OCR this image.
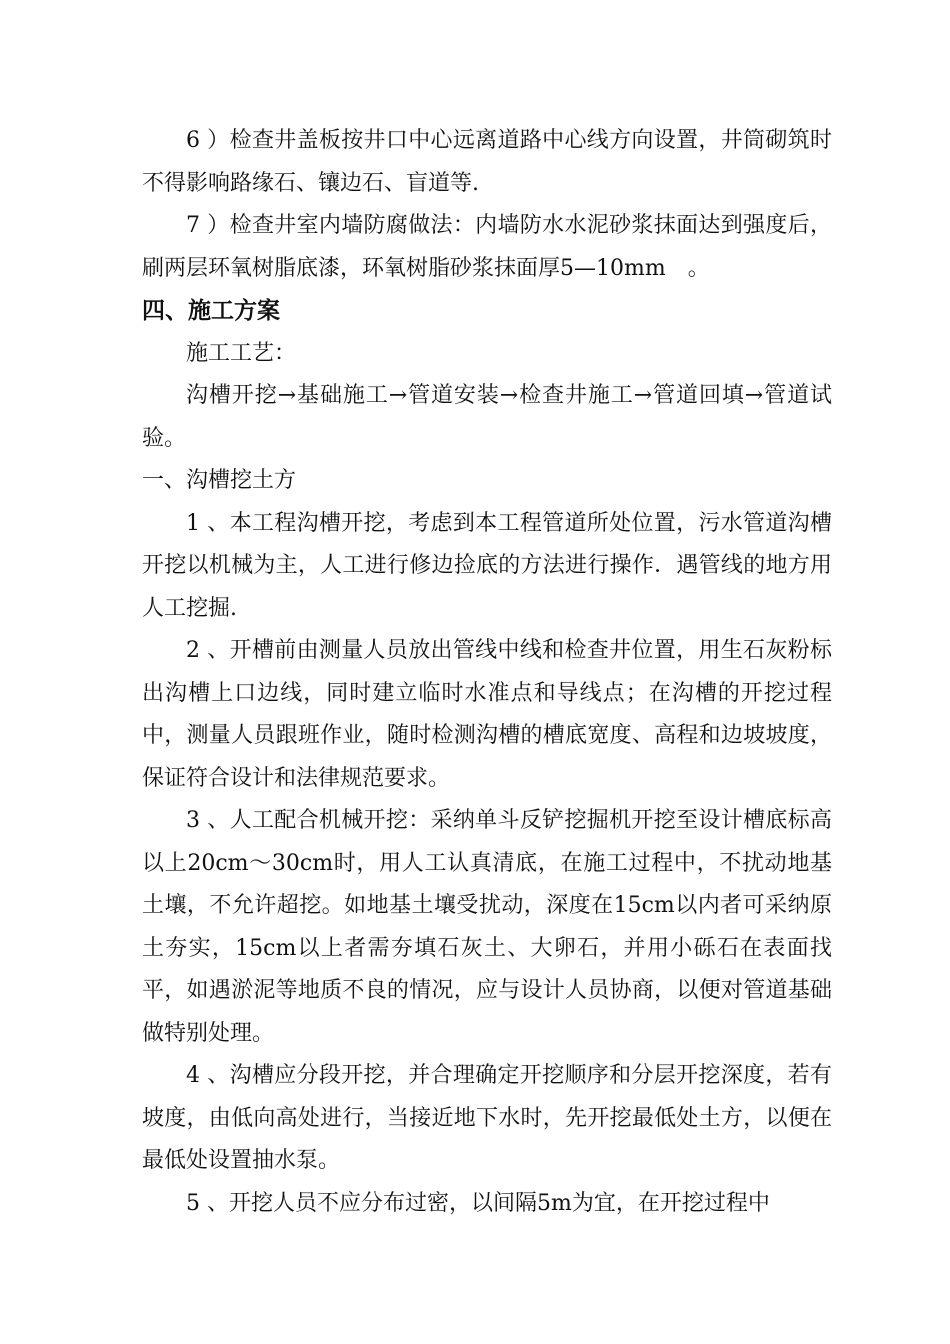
6 ）检查井盖板按井口中心远离道路中心线方向设置，井筒砌筑时不得影响路缘石、镶边石、盲道等.

7 ）检查井室内墙防腐做法：内墙防水水泥砂浆抹面达到强度后，刷两层环氧树脂底漆，环氧树脂砂浆抹面厚5—10mm　。

四、施工方案

施工工艺：

沟槽开挖→基础施工→管道安装→检查井施工→管道回填→管道试验。

一、沟槽挖土方

1 、本工程沟槽开挖，考虑到本工程管道所处位置，污水管道沟槽开挖以机械为主，人工进行修边捡底的方法进行操作．遇管线的地方用人工挖掘.

2 、开槽前由测量人员放出管线中线和检查井位置，用生石灰粉标出沟槽上口边线，同时建立临时水准点和导线点；在沟槽的开挖过程中，测量人员跟班作业，随时检测沟槽的槽底宽度、高程和边坡坡度，保证符合设计和法律规范要求。

3 、人工配合机械开挖：采纳单斗反铲挖掘机开挖至设计槽底标高以上20cm～30cm时，用人工认真清底，在施工过程中，不扰动地基土壤，不允许超挖。如地基土壤受扰动，深度在15cm以内者可采纳原土夯实，15cm以上者需夯填石灰土、大卵石，并用小砾石在表面找平，如遇淤泥等地质不良的情况，应与设计人员协商，以便对管道基础做特别处理。

4 、沟槽应分段开挖，并合理确定开挖顺序和分层开挖深度，若有坡度，由低向高处进行，当接近地下水时，先开挖最低处土方，以便在最低处设置抽水泵。

5 、开挖人员不应分布过密，以间隔5m为宜，在开挖过程中
